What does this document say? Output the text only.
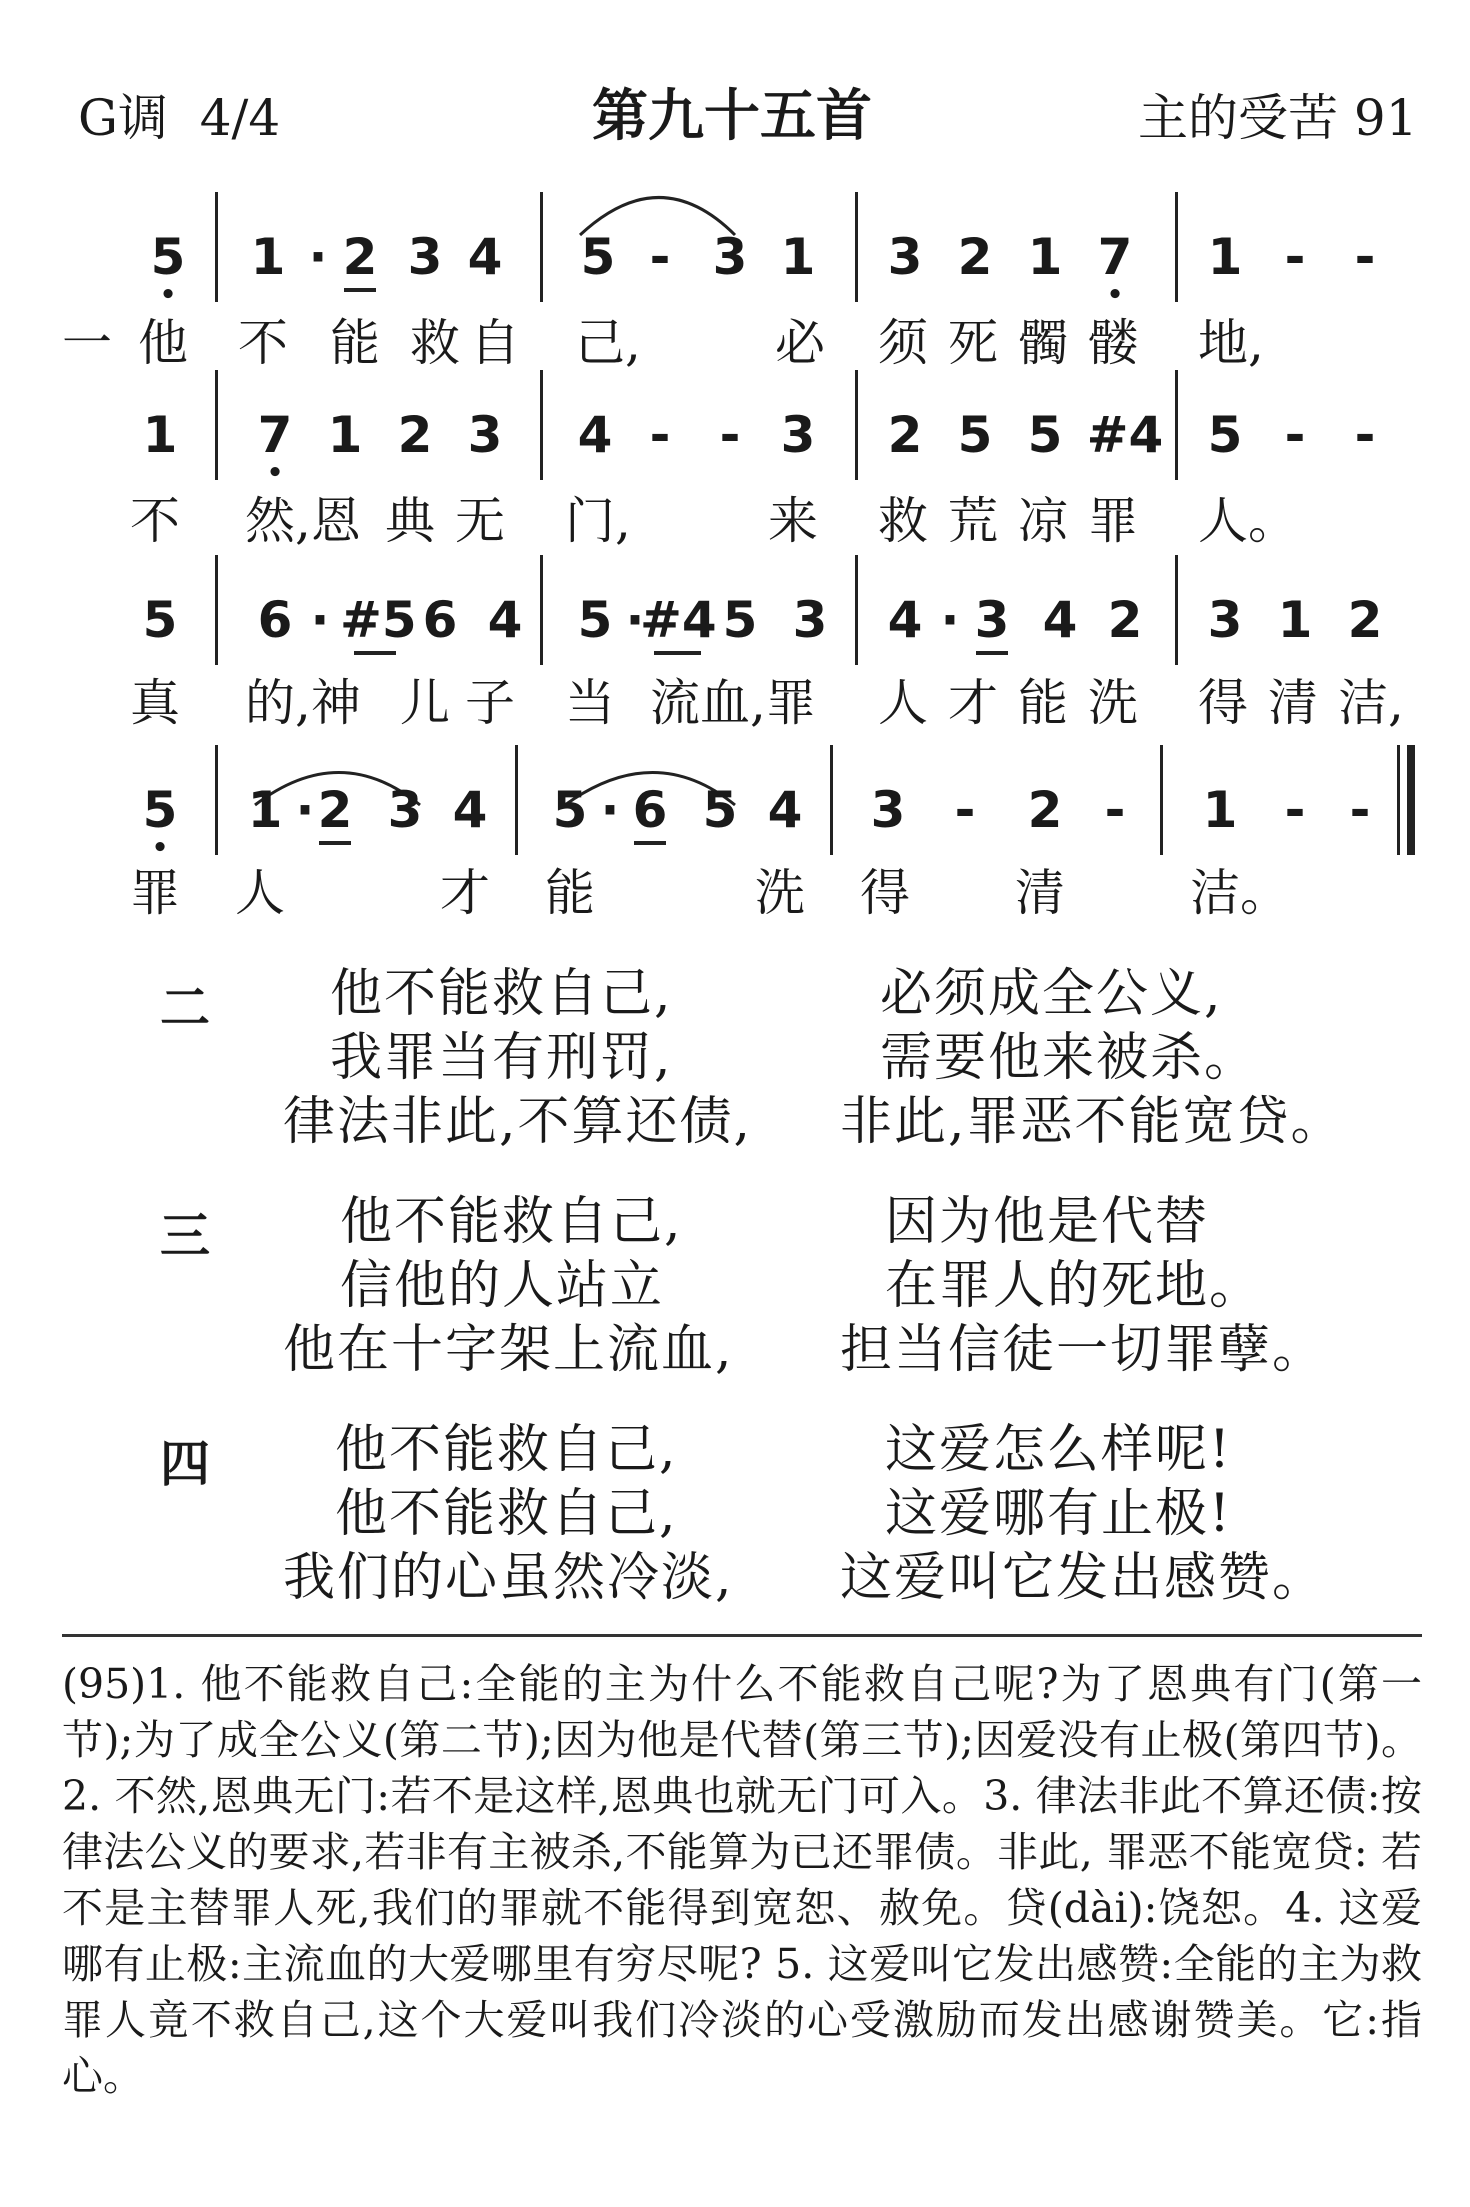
G调 4/4	第九十五首	主的受苦 91
5
•
1 · 2 3 4 5 - 3 1 3 2 1 7
•
1 - -
一 他 不 能 救 自 己,	必 须 死 髑 髅 地,
1 7
•
1 2 3 4 - - 3 2 5 5 #4 5 - -
不 然,恩 典 无 门,	来 救 荒 凉 罪 人。
5 6 · #5 6 4 5 ·
#4 5 3 4 · 3 4 2 3 1 2
真 的,神 儿 子 当 流 血,罪 人 才 能 洗 得 清 洁,
5
•
1 · 2 3 4 5 · 6 5 4 3 -	2 -	1 - -
罪 人	才 能	洗 得 清	洁。
二 他不能救自己,	必须成全公义,
我罪当有刑罚,	需要他来被杀。
律法非此,不算还债, 非此,罪恶不能宽贷。
三	他不能救自己,	因为他是代替
信他的人站立	在罪人的死地。
他在十字架上流血, 担当信徒一切罪孽。
四 他不能救自己,	这爱怎么样呢!
他不能救自己,	这爱哪有止极!
我们的心虽然冷淡, 这爱叫它发出感赞。
(95)1. 他不能救自己:全能的主为什么不能救自己呢?为了恩典有门(第一节);为了成全公义(第二节);因为他是代替(第三节);因爱没有止极(第四节)。2. 不然,恩典无门:若不是这样,恩典也就无门可入。3. 律法非此不算还债:按律法公义的要求,若非有主被杀,不能算为已还罪债。非此, 罪恶不能宽贷: 若不是主替罪人死,我们的罪就不能得到宽恕、赦免。贷(dài):饶恕。4. 这爱哪有止极:主流血的大爱哪里有穷尽呢? 5. 这爱叫它发出感赞:全能的主为救罪人竟不救自己,这个大爱叫我们冷淡的心受激励而发出感谢赞美。它:指心。
